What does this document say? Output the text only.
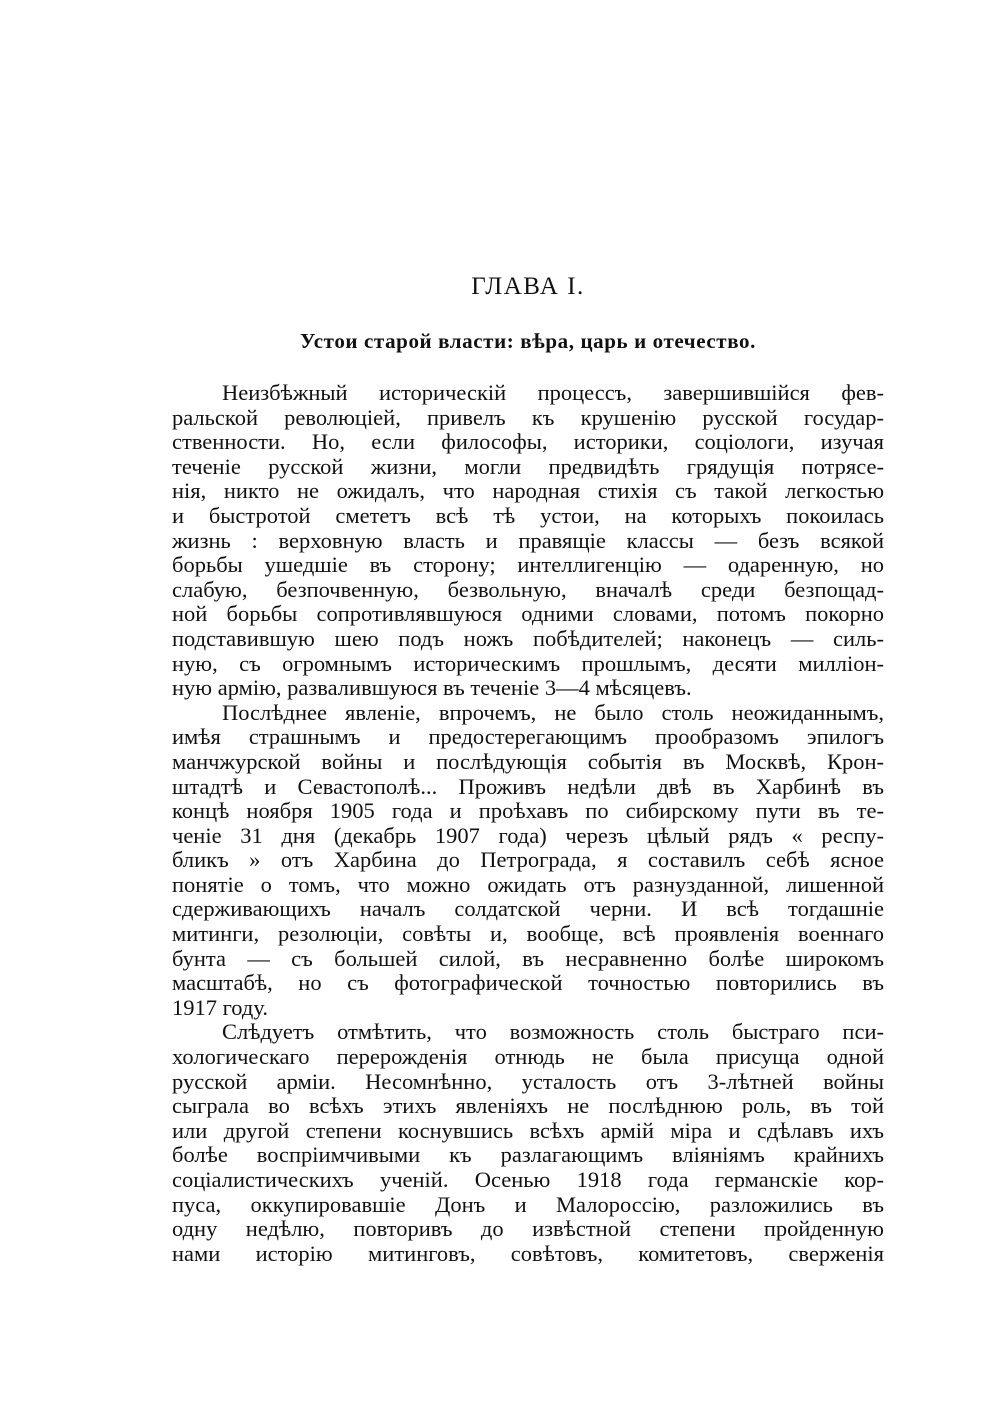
ГЛАВА I.
Устои старой власти: вѣра, царь и отечество.
Неизбѣжный историческій процессъ, завершившійся фев-
ральской революціей, привелъ къ крушенію русской государ-
ственности. Но, если философы, историки, соціологи, изучая
теченіе русской жизни, могли предвидѣть грядущія потрясе-
нія, никто не ожидалъ, что народная стихія съ такой легкостью
и быстротой смететъ всѣ тѣ устои, на которыхъ покоилась
жизнь : верховную власть и правящіе классы — безъ всякой
борьбы ушедшіе въ сторону; интеллигенцію — одаренную, но
слабую, безпочвенную, безвольную, вначалѣ среди безпощад-
ной борьбы сопротивлявшуюся одними словами, потомъ покорно
подставившую шею подъ ножъ побѣдителей; наконецъ — силь-
ную, съ огромнымъ историческимъ прошлымъ, десяти милліон-
ную армію, развалившуюся въ теченіе 3—4 мѣсяцевъ.
Послѣднее явленіе, впрочемъ, не было столь неожиданнымъ,
имѣя страшнымъ и предостерегающимъ прообразомъ эпилогъ
манчжурской войны и послѣдующія событія въ Москвѣ, Крон-
штадтѣ и Севастополѣ... Проживъ недѣли двѣ въ Харбинѣ въ
концѣ ноября 1905 года и проѣхавъ по сибирскому пути въ те-
ченіе 31 дня (декабрь 1907 года) черезъ цѣлый рядъ « респу-
бликъ » отъ Харбина до Петрограда, я составилъ себѣ ясное
понятіе о томъ, что можно ожидать отъ разнузданной, лишенной
сдерживающихъ началъ солдатской черни. И всѣ тогдашніе
митинги, резолюціи, совѣты и, вообще, всѣ проявленія военнаго
бунта — съ большей силой, въ несравненно болѣе широкомъ
масштабѣ, но съ фотографической точностью повторились въ
1917 году.
Слѣдуетъ отмѣтить, что возможность столь быстраго пси-
хологическаго перерожденія отнюдь не была присуща одной
русской арміи. Несомнѣнно, усталость отъ 3-лѣтней войны
сыграла во всѣхъ этихъ явленіяхъ не послѣднюю роль, въ той
или другой степени коснувшись всѣхъ армій міра и сдѣлавъ ихъ
болѣе воспріимчивыми къ разлагающимъ вліяніямъ крайнихъ
соціалистическихъ ученій. Осенью 1918 года германскіе кор-
пуса, оккупировавшіе Донъ и Малороссію, разложились въ
одну недѣлю, повторивъ до извѣстной степени пройденную
нами исторію митинговъ, совѣтовъ, комитетовъ, сверженія
